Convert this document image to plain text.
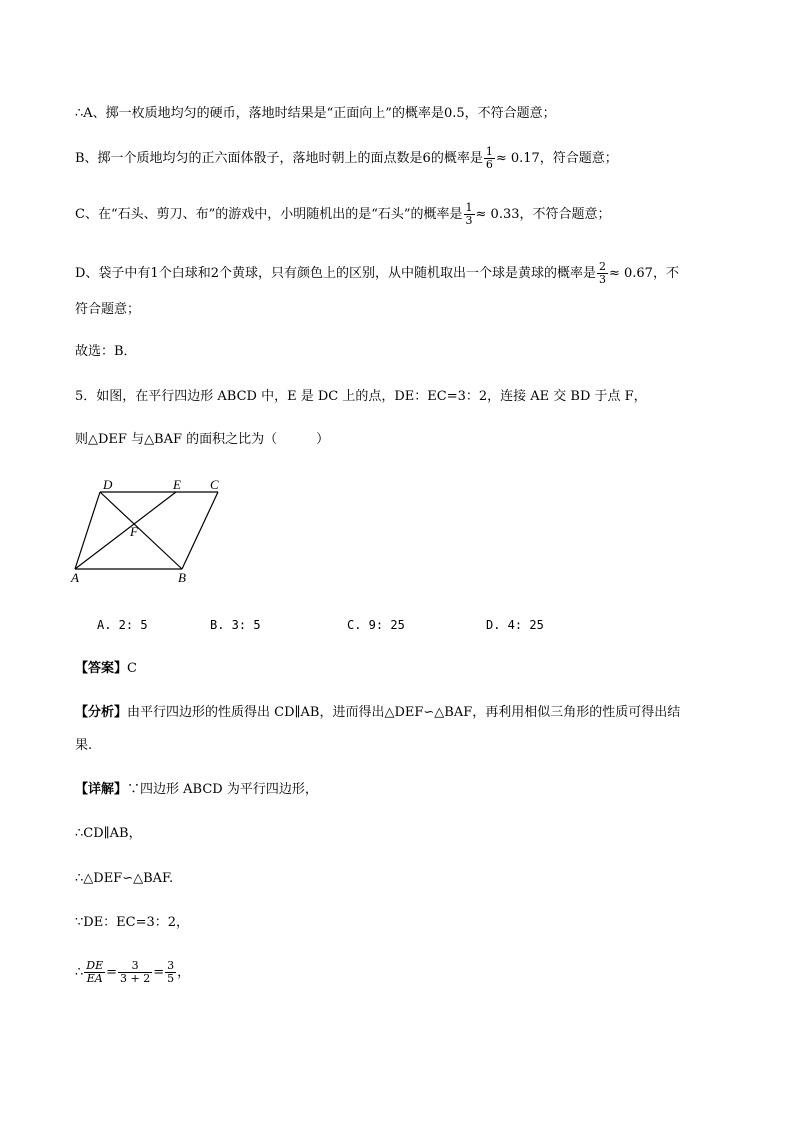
∴A、掷一枚质地均匀的硬币，落地时结果是“正面向上”的概率是0.5，不符合题意；
B、掷一个质地均匀的正六面体骰子，落地时朝上的面点数是6的概率是 $\frac{1}{6} \approx 0.17$，符合题意；
C、在“石头、剪刀、布”的游戏中，小明随机出的是“石头”的概率是 $\frac{1}{3} \approx 0.33$，不符合题意；
D、袋子中有1个白球和2个黄球，只有颜色上的区别，从中随机取出一个球是黄球的概率是 $\frac{2}{3} \approx 0.67$，不
符合题意；
故选：B．
5．如图，在平行四边形 ABCD 中，E 是 DC 上的点，DE：EC=3：2，连接 AE 交 BD 于点 F，
则△DEF 与△BAF 的面积之比为（　　　）
D	E C
F
A	B
A. 2: 5	B. 3: 5	C. 9: 25	D. 4: 25
【答案】C
【分析】由平行四边形的性质得出 CD∥AB，进而得出△DEF∽△BAF，再利用相似三角形的性质可得出结
果.
【详解】∵四边形 ABCD 为平行四边形，
∴CD∥AB，
∴△DEF∽△BAF.
∵DE：EC=3：2，
∴ $\frac{DE}{EA} = \frac{3}{3 + 2} = \frac{3}{5}$ ，
